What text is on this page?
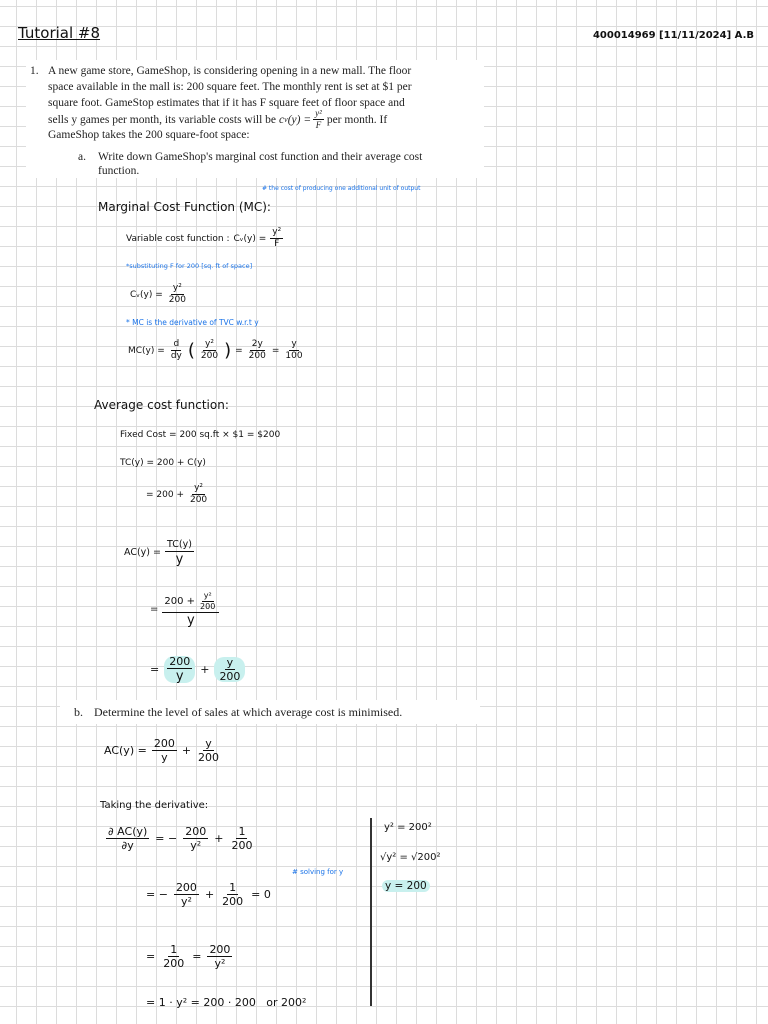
Tutorial #8	400014969 [11/11/2024] A.B
1. A new game store, GameShop, is considering opening in a new mall. The floor
space available in the mall is: 200 square feet. The monthly rent is set at $1 per
square foot. GameStop estimates that if it has F square feet of floor space and
sells y games per month, its variable costs will be c v $(y) = \frac{\text{y²}}{F}$ per month. If
GameShop takes the 200 square-foot space:
a. Write down GameShop's marginal cost function and their average cost
function.
# the cost of producing one additional unit of output
Marginal Cost Function (MC):
Variable cost function : Cᵥ(y) = $\frac{\text{y²}}{F}$
*substituting F for 200 [sq. ft of space]
Cᵥ(y) = $\frac{\text{y²}}{200}$
* MC is the derivative of TVC w.r.t y
$MC(y) = \frac{d}{dy}$ ( $\frac{\text{y²}}{200}$ ) = $\frac{2y}{200} = \frac{y}{100}$
Average cost function:
Fixed Cost = 200 sq.ft × $1 = $200
TC(y) = 200 + C(y)
= $200 + \frac{\text{y²}}{200}$
$AC(y) = \frac{TC(y)}{y}$
= $\frac{200 + \frac{\text{y²}}{200}}{y}$
= $\frac{200}{y} + \frac{y}{200}$
b. Determine the level of sales at which average cost is minimised.
$AC(y) = \frac{200}{y} + \frac{y}{200}$
Taking the derivative:
$\frac{\partial AC(y)}{\partial y}$ = − $\frac{200}{\text{y²}} + \frac{1}{200}$
# solving for y
= − $\frac{200}{\text{y²}} + \frac{1}{200} = 0$
= $\frac{1}{200} = \frac{200}{\text{y²}}$
= 1 · y² = 200 · 200   or 200²
y² = 200²
√y² = √200²
y = 200
